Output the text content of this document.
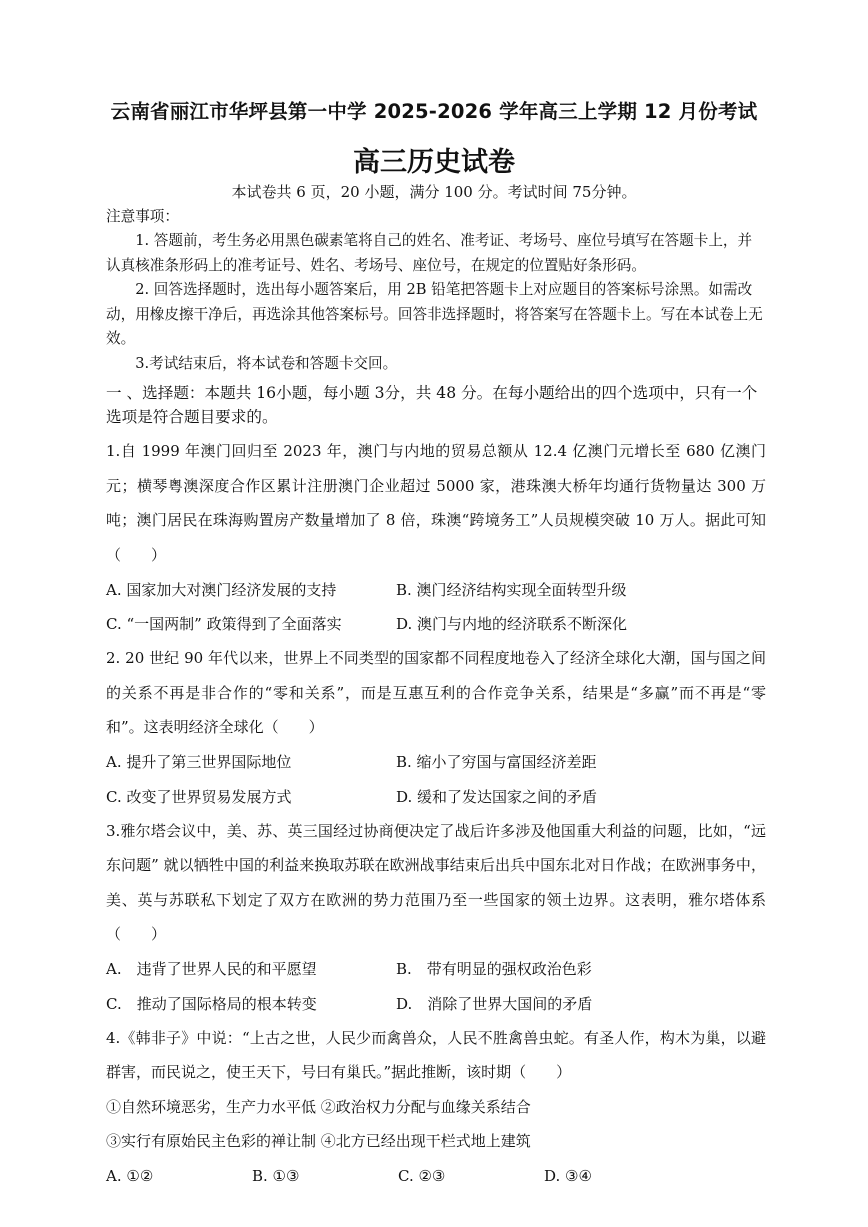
云南省丽江市华坪县第一中学 2025-2026 学年高三上学期 12 月份考试
高三历史试卷
本试卷共 6 页，20 小题，满分 100 分。考试时间 75分钟。
注意事项：

1. 答题前，考生务必用黑色碳素笔将自己的姓名、准考证、考场号、座位号填写在答题卡上，并认真核准条形码上的准考证号、姓名、考场号、座位号，在规定的位置贴好条形码。

2. 回答选择题时，选出每小题答案后，用 2B 铅笔把答题卡上对应题目的答案标号涂黑。如需改动，用橡皮擦干净后，再选涂其他答案标号。回答非选择题时，将答案写在答题卡上。写在本试卷上无效。

3.考试结束后，将本试卷和答题卡交回。

一 、选择题：本题共 16小题，每小题 3分，共 48 分。在每小题给出的四个选项中，只有一个选项是符合题目要求的。

1.自 1999 年澳门回归至 2023 年，澳门与内地的贸易总额从 12.4 亿澳门元增长至 680 亿澳门元；横琴粤澳深度合作区累计注册澳门企业超过 5000 家，港珠澳大桥年均通行货物量达 300 万吨；澳门居民在珠海购置房产数量增加了 8 倍，珠澳“跨境务工”人员规模突破 10 万人。据此可知（　　）

A. 国家加大对澳门经济发展的支持	B. 澳门经济结构实现全面转型升级
C. “一国两制” 政策得到了全面落实	D. 澳门与内地的经济联系不断深化

2. 20 世纪 90 年代以来，世界上不同类型的国家都不同程度地卷入了经济全球化大潮，国与国之间的关系不再是非合作的“零和关系”，而是互惠互利的合作竞争关系，结果是“多赢”而不再是“零和”。这表明经济全球化（　　）

A. 提升了第三世界国际地位	B. 缩小了穷国与富国经济差距
C. 改变了世界贸易发展方式	D. 缓和了发达国家之间的矛盾

3.雅尔塔会议中，美、苏、英三国经过协商便决定了战后许多涉及他国重大利益的问题，比如，“远东问题” 就以牺牲中国的利益来换取苏联在欧洲战事结束后出兵中国东北对日作战；在欧洲事务中，美、英与苏联私下划定了双方在欧洲的势力范围乃至一些国家的领土边界。这表明，雅尔塔体系（　　）

A.　违背了世界人民的和平愿望	B.　带有明显的强权政治色彩
C.　推动了国际格局的根本转变	D.　消除了世界大国间的矛盾

4.《韩非子》中说：“上古之世，人民少而禽兽众，人民不胜禽兽虫蛇。有圣人作，构木为巢，以避群害，而民说之，使王天下，号曰有巢氏。”据此推断，该时期（　　）

①自然环境恶劣，生产力水平低 ②政治权力分配与血缘关系结合
③实行有原始民主色彩的禅让制 ④北方已经出现干栏式地上建筑
A. ①②	B. ①③	C. ②③	D. ③④
